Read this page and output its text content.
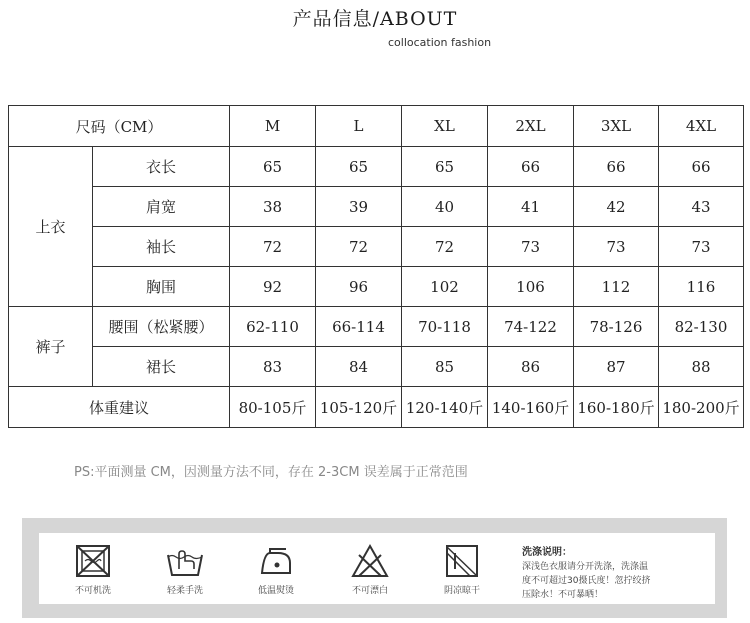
产品信息/ABOUT
collocation fashion
尺码（CM）		M	L	XL	2XL	3XL	4XL
上衣	衣长	65	65	65	66	66	66
	肩宽	38	39	40	41	42	43
	袖长	72	72	72	73	73	73
	胸围	92	96	102	106	112	116
裤子	腰围（松紧腰）	62-110	66-114	70-118	74-122	78-126	82-130
	裙长	83	84	85	86	87	88
体重建议		80-105斤	105-120斤	120-140斤	140-160斤	160-180斤	180-200斤
PS:平面测量 CM，因测量方法不同，存在 2-3CM 误差属于正常范围
不可机洗	轻柔手洗	低温熨烫	不可漂白	阴凉晾干
洗涤说明：
深浅色衣服请分开洗涤，洗涤温
度不可超过30摄氏度！忽拧绞挤
压除水！不可暴晒！
